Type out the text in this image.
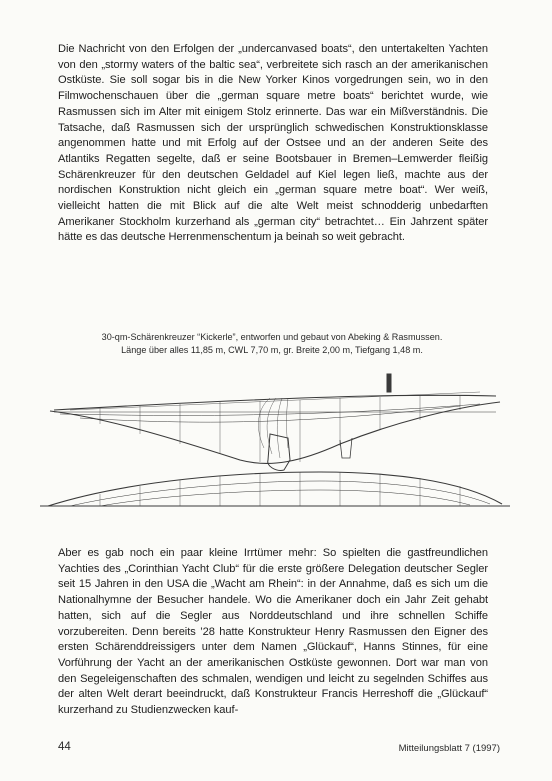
Die Nachricht von den Erfolgen der „undercanvased boats“, den untertakelten Yachten von den „stormy waters of the baltic sea“, verbreitete sich rasch an der amerikanischen Ostküste. Sie soll sogar bis in die New Yorker Kinos vorgedrungen sein, wo in den Filmwochenschauen über die „german square metre boats“ berichtet wurde, wie Rasmussen sich im Alter mit einigem Stolz erinnerte. Das war ein Mißverständnis. Die Tatsache, daß Rasmussen sich der ursprünglich schwedischen Konstruktionsklasse angenommen hatte und mit Erfolg auf der Ostsee und an der anderen Seite des Atlantiks Regatten segelte, daß er seine Bootsbauer in Bremen–Lemwerder fleißig Schärenkreuzer für den deutschen Geldadel auf Kiel legen ließ, machte aus der nordischen Konstruktion nicht gleich ein „german square metre boat“. Wer weiß, vielleicht hatten die mit Blick auf die alte Welt meist schnodderig unbedarften Amerikaner Stockholm kurzerhand als „german city“ betrachtet… Ein Jahrzent später hätte es das deutsche Herrenmenschentum ja beinah so weit gebracht.

30-qm-Schärenkreuzer “Kickerle”, entworfen und gebaut von Abeking & Rasmussen.
Länge über alles 11,85 m, CWL 7,70 m, gr. Breite 2,00 m, Tiefgang 1,48 m.

Aber es gab noch ein paar kleine Irrtümer mehr: So spielten die gastfreundlichen Yachties des „Corinthian Yacht Club“ für die erste größere Delegation deutscher Segler seit 15 Jahren in den USA die „Wacht am Rhein“: in der Annahme, daß es sich um die Nationalhymne der Besucher handele. Wo die Amerikaner doch ein Jahr Zeit gehabt hatten, sich auf die Segler aus Norddeutschland und ihre schnellen Schiffe vorzubereiten. Denn bereits ’28 hatte Konstrukteur Henry Rasmussen den Eigner des ersten Schärenddreissigers unter dem Namen „Glückauf“, Hanns Stinnes, für eine Vorführung der Yacht an der amerikanischen Ostküste gewonnen. Dort war man von den Segeleigenschaften des schmalen, wendigen und leicht zu segelnden Schiffes aus der alten Welt derart beeindruckt, daß Konstrukteur Francis Herreshoff die „Glückauf“ kurzerhand zu Studienzwecken kauf-

44	Mitteilungsblatt 7 (1997)
